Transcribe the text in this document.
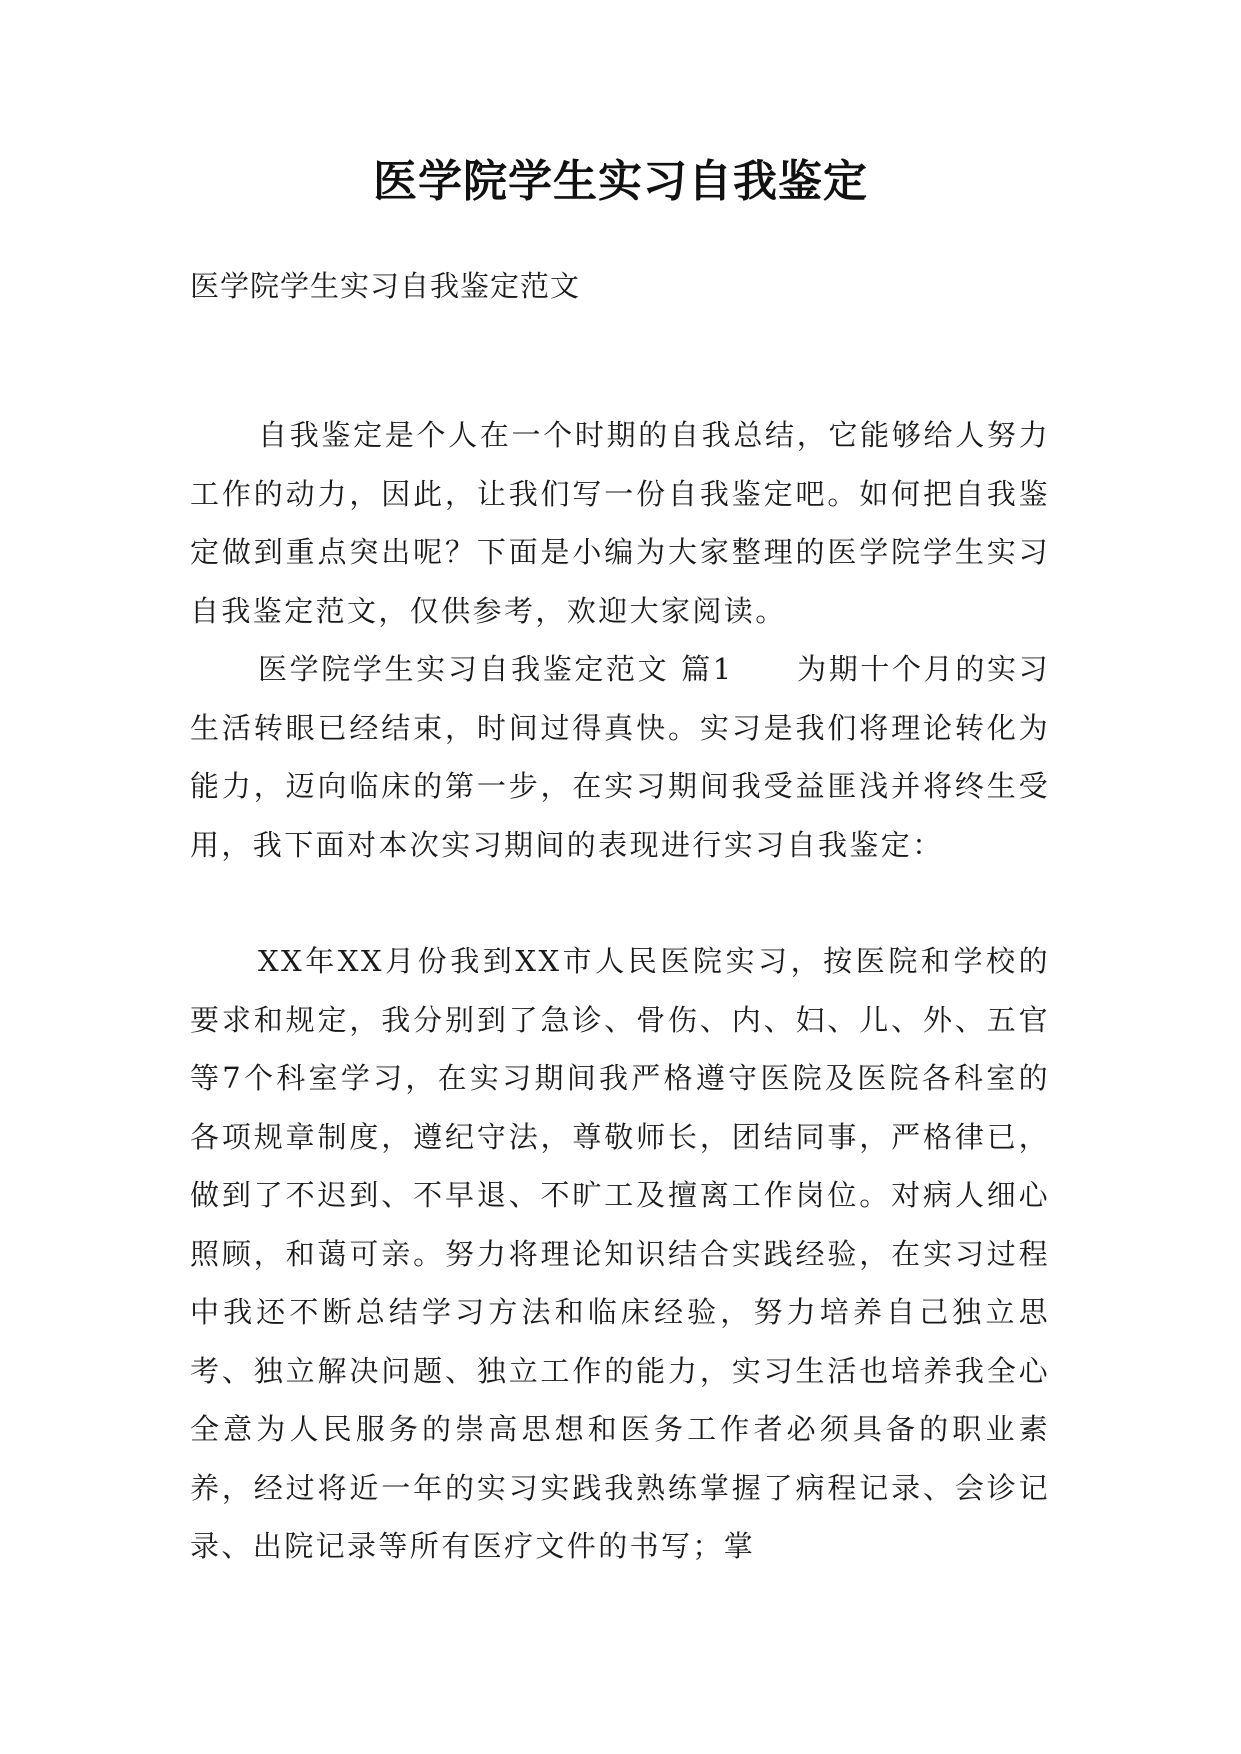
医学院学生实习自我鉴定
医学院学生实习自我鉴定范文

自我鉴定是个人在一个时期的自我总结，它能够给人努力工作的动力，因此，让我们写一份自我鉴定吧。如何把自我鉴定做到重点突出呢？下面是小编为大家整理的医学院学生实习自我鉴定范文，仅供参考，欢迎大家阅读。

医学院学生实习自我鉴定范文 篇1　　为期十个月的实习生活转眼已经结束，时间过得真快。实习是我们将理论转化为能力，迈向临床的第一步，在实习期间我受益匪浅并将终生受用，我下面对本次实习期间的表现进行实习自我鉴定：

XX年XX月份我到XX市人民医院实习，按医院和学校的要求和规定，我分别到了急诊、骨伤、内、妇、儿、外、五官等7个科室学习，在实习期间我严格遵守医院及医院各科室的各项规章制度，遵纪守法，尊敬师长，团结同事，严格律已，做到了不迟到、不早退、不旷工及擅离工作岗位。对病人细心照顾，和蔼可亲。努力将理论知识结合实践经验，在实习过程中我还不断总结学习方法和临床经验，努力培养自己独立思考、独立解决问题、独立工作的能力，实习生活也培养我全心全意为人民服务的崇高思想和医务工作者必须具备的职业素养，经过将近一年的实习实践我熟练掌握了病程记录、会诊记录、出院记录等所有医疗文件的书写；掌
